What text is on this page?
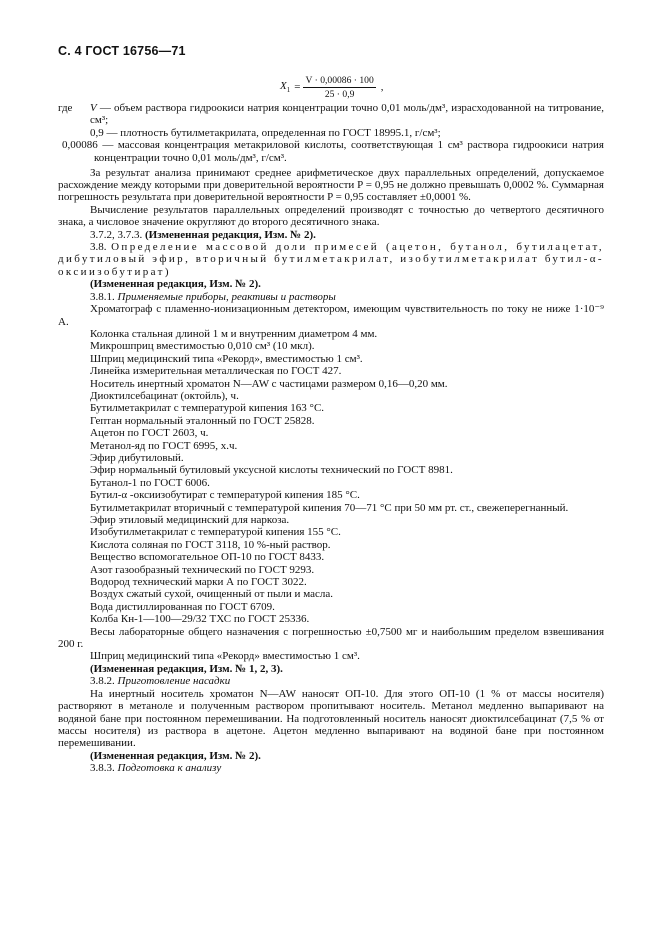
С. 4 ГОСТ 16756—71
$X_1 = \frac{V \cdot 0,00086 \cdot 100}{25 \cdot 0,9}$ ,
где	V — объем раствора гидроокиси натрия концентрации точно 0,01 моль/дм³, израсходованной на титрование, см³;

0,9 — плотность бутилметакрилата, определенная по ГОСТ 18995.1, г/см³;

0,00086 — массовая концентрация метакриловой кислоты, соответствующая 1 см³ раствора гидроокиси натрия концентрации точно 0,01 моль/дм³, г/см³.

За результат анализа принимают среднее арифметическое двух параллельных определений, допускаемое расхождение между которыми при доверительной вероятности P = 0,95 не должно превышать 0,0002 %. Суммарная погрешность результата при доверительной вероятности P = 0,95 составляет ±0,0001 %.

Вычисление результатов параллельных определений производят с точностью до четвертого десятичного знака, а числовое значение округляют до второго десятичного знака.

3.7.2, 3.7.3. (Измененная редакция, Изм. № 2).

3.8. Определение массовой доли примесей (ацетон, бутанол, бутилацетат, дибутиловый эфир, вторичный бутилметакрилат, изобутилметакрилат бутил-α-оксиизобутират)

(Измененная редакция, Изм. № 2).

3.8.1. Применяемые приборы, реактивы и растворы

Хроматограф с пламенно-ионизационным детектором, имеющим чувствительность по току не ниже 1·10⁻⁹ А.

Колонка стальная длиной 1 м и внутренним диаметром 4 мм.

Микрошприц вместимостью 0,010 см³ (10 мкл).

Шприц медицинский типа «Рекорд», вместимостью 1 см³.

Линейка измерительная металлическая по ГОСТ 427.

Носитель инертный хроматон N—AW с частицами размером 0,16—0,20 мм.

Диоктилсебацинат (октойль), ч.

Бутилметакрилат с температурой кипения 163 °С.

Гептан нормальный эталонный по ГОСТ 25828.

Ацетон по ГОСТ 2603, ч.

Метанол-яд по ГОСТ 6995, х.ч.

Эфир дибутиловый.

Эфир нормальный бутиловый уксусной кислоты технический по ГОСТ 8981.

Бутанол-1 по ГОСТ 6006.

Бутил-α -оксиизобутират с температурой кипения 185 °С.

Бутилметакрилат вторичный с температурой кипения 70—71 °С при 50 мм рт. ст., свежеперегнанный.

Эфир этиловый медицинский для наркоза.

Изобутилметакрилат с температурой кипения 155 °С.

Кислота соляная по ГОСТ 3118, 10 %-ный раствор.

Вещество вспомогательное ОП-10 по ГОСТ 8433.

Азот газообразный технический по ГОСТ 9293.

Водород технический марки А по ГОСТ 3022.

Воздух сжатый сухой, очищенный от пыли и масла.

Вода дистиллированная по ГОСТ 6709.

Колба Кн-1—100—29/32 ТХС по ГОСТ 25336.

Весы лабораторные общего назначения с погрешностью ±0,7500 мг и наибольшим пределом взвешивания 200 г.

Шприц медицинский типа «Рекорд» вместимостью 1 см³.

(Измененная редакция, Изм. № 1, 2, 3).

3.8.2. Приготовление насадки

На инертный носитель хроматон N—AW наносят ОП-10. Для этого ОП-10 (1 % от массы носителя) растворяют в метаноле и полученным раствором пропитывают носитель. Метанол медленно выпаривают на водяной бане при постоянном перемешивании. На подготовленный носитель наносят диоктилсебацинат (7,5 % от массы носителя) из раствора в ацетоне. Ацетон медленно выпаривают на водяной бане при постоянном перемешивании.

(Измененная редакция, Изм. № 2).

3.8.3. Подготовка к анализу
